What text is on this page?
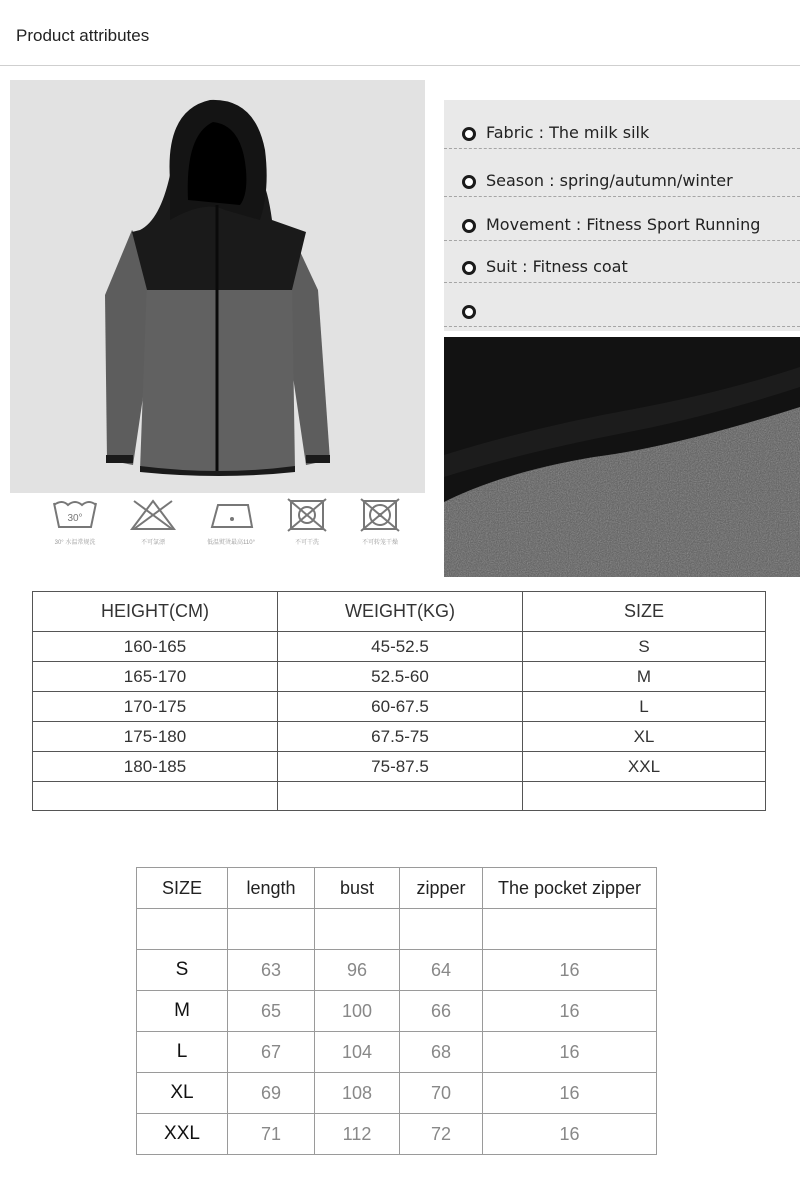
Product attributes
30°
30° 水温常规洗	不可氯漂	低温熨烫最高110°	不可干洗	不可转笼干燥
Fabric : The milk silk
Season : spring/autumn/winter
Movement : Fitness Sport Running
Suit : Fitness coat
HEIGHT(CM)	WEIGHT(KG)	SIZE
160-165	45-52.5	S
165-170	52.5-60	M
170-175	60-67.5	L
175-180	67.5-75	XL
180-185	75-87.5	XXL

SIZE	length	bust	zipper	The pocket zipper

S	63	96	64	16
M	65	100	66	16
L	67	104	68	16
XL	69	108	70	16
XXL	71	112	72	16
